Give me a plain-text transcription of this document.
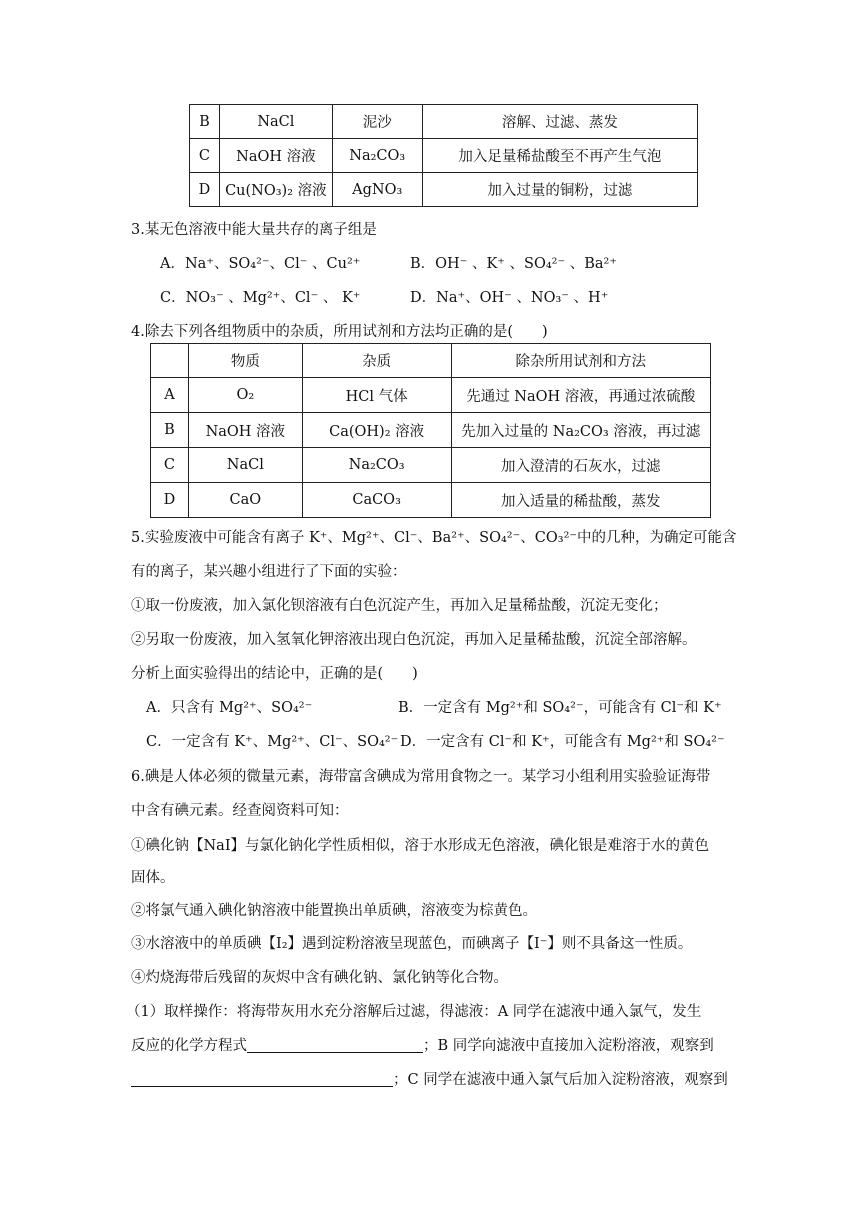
B	NaCl	泥沙	溶解、过滤、蒸发
C	NaOH 溶液	Na₂CO₃	加入足量稀盐酸至不再产生气泡
D	Cu(NO₃)₂ 溶液	AgNO₃	加入过量的铜粉，过滤
3.某无色溶液中能大量共存的离子组是
A．Na⁺、SO₄²⁻、Cl⁻ 、Cu²⁺	B．OH⁻ 、K⁺ 、SO₄²⁻ 、Ba²⁺
C．NO₃⁻ 、Mg²⁺、Cl⁻ 、 K⁺	D．Na⁺、OH⁻ 、NO₃⁻ 、H⁺
4.除去下列各组物质中的杂质，所用试剂和方法均正确的是(　　)
	物质	杂质	除杂所用试剂和方法
A	O₂	HCl 气体	先通过 NaOH 溶液，再通过浓硫酸
B	NaOH 溶液	Ca(OH)₂ 溶液	先加入过量的 Na₂CO₃ 溶液，再过滤
C	NaCl	Na₂CO₃	加入澄清的石灰水，过滤
D	CaO	CaCO₃	加入适量的稀盐酸，蒸发
5.实验废液中可能含有离子 K⁺、Mg²⁺、Cl⁻、Ba²⁺、SO₄²⁻、CO₃²⁻中的几种，为确定可能含
有的离子，某兴趣小组进行了下面的实验：
①取一份废液，加入氯化钡溶液有白色沉淀产生，再加入足量稀盐酸，沉淀无变化；
②另取一份废液，加入氢氧化钾溶液出现白色沉淀，再加入足量稀盐酸，沉淀全部溶解。
分析上面实验得出的结论中，正确的是(　　)
A．只含有 Mg²⁺、SO₄²⁻	B．一定含有 Mg²⁺和 SO₄²⁻，可能含有 Cl⁻和 K⁺
C．一定含有 K⁺、Mg²⁺、Cl⁻、SO₄²⁻ D．一定含有 Cl⁻和 K⁺，可能含有 Mg²⁺和 SO₄²⁻
6.碘是人体必须的微量元素，海带富含碘成为常用食物之一。某学习小组利用实验验证海带
中含有碘元素。经查阅资料可知：
①碘化钠【NaI】与氯化钠化学性质相似，溶于水形成无色溶液，碘化银是难溶于水的黄色
固体。
②将氯气通入碘化钠溶液中能置换出单质碘，溶液变为棕黄色。
③水溶液中的单质碘【I₂】遇到淀粉溶液呈现蓝色，而碘离子【I⁻】则不具备这一性质。
④灼烧海带后残留的灰烬中含有碘化钠、氯化钠等化合物。
（1）取样操作：将海带灰用水充分溶解后过滤，得滤液：A 同学在滤液中通入氯气，发生
反应的化学方程式	；B 同学向滤液中直接加入淀粉溶液，观察到
；C 同学在滤液中通入氯气后加入淀粉溶液，观察到
